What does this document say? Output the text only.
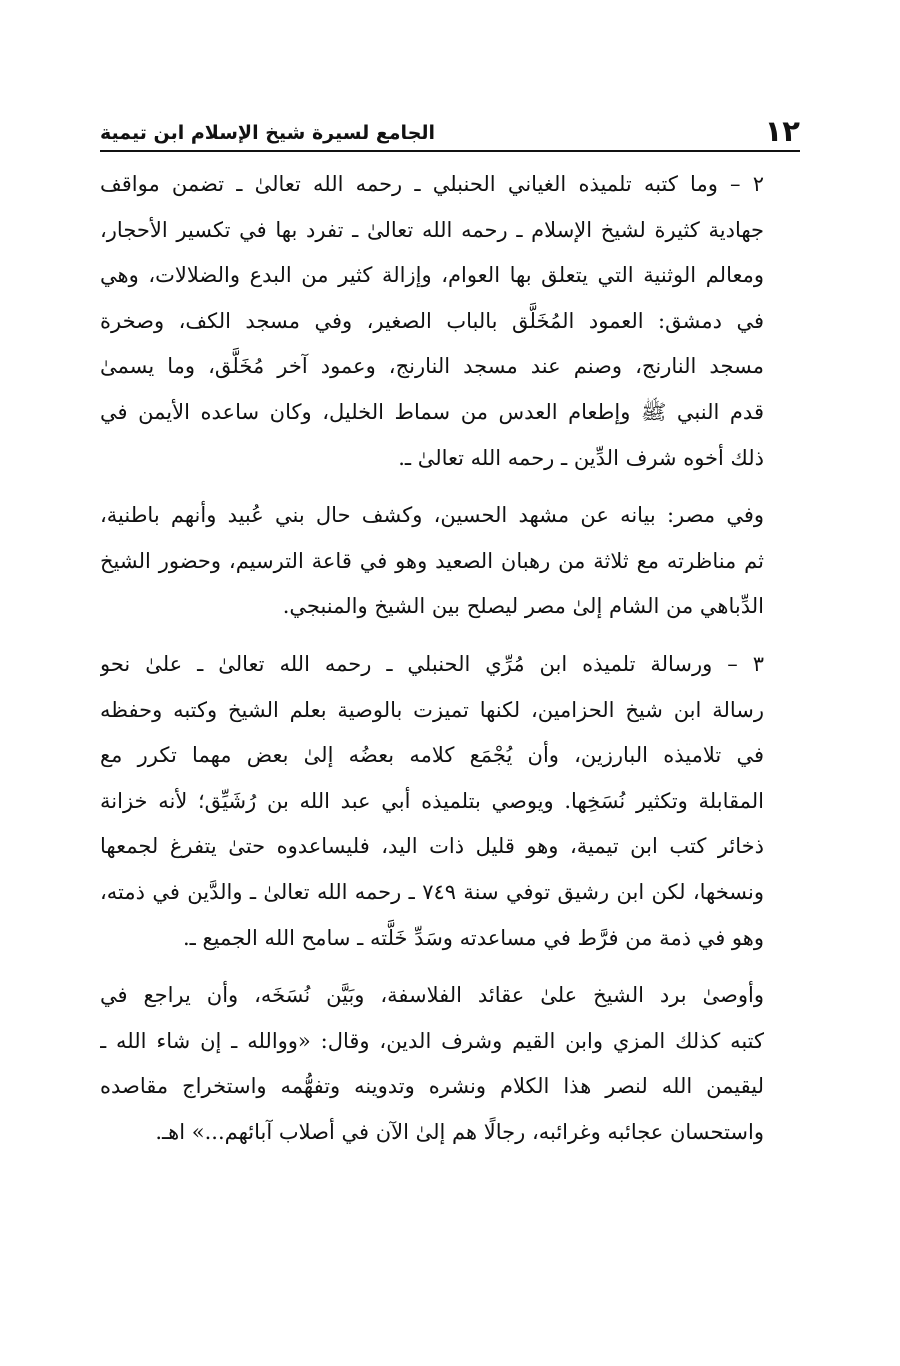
١٢
الجامع لسيرة شيخ الإسلام ابن تيمية
٢ – وما كتبه تلميذه الغياني الحنبلي ـ رحمه الله تعالىٰ ـ تضمن مواقف
جهادية كثيرة لشيخ الإسلام ـ رحمه الله تعالىٰ ـ تفرد بها في تكسير الأحجار،
ومعالم الوثنية التي يتعلق بها العوام، وإزالة كثير من البدع والضلالات، وهي
في دمشق: العمود المُخَلَّق بالباب الصغير، وفي مسجد الكف، وصخرة
مسجد النارنج، وصنم عند مسجد النارنج، وعمود آخر مُخَلَّق، وما يسمىٰ
قدم النبي ﷺ وإطعام العدس من سماط الخليل، وكان ساعده الأيمن في
ذلك أخوه شرف الدِّين ـ رحمه الله تعالىٰ ـ.
وفي مصر: بيانه عن مشهد الحسين، وكشف حال بني عُبيد وأنهم باطنية،
ثم مناظرته مع ثلاثة من رهبان الصعيد وهو في قاعة الترسيم، وحضور الشيخ
الدِّباهي من الشام إلىٰ مصر ليصلح بين الشيخ والمنبجي.
٣ – ورسالة تلميذه ابن مُرِّي الحنبلي ـ رحمه الله تعالىٰ ـ علىٰ نحو
رسالة ابن شيخ الحزامين، لكنها تميزت بالوصية بعلم الشيخ وكتبه وحفظه
في تلاميذه البارزين، وأن يُجْمَع كلامه بعضُه إلىٰ بعض مهما تكرر مع
المقابلة وتكثير نُسَخِها. ويوصي بتلميذه أبي عبد الله بن رُشَيِّق؛ لأنه خزانة
ذخائر كتب ابن تيمية، وهو قليل ذات اليد، فليساعدوه حتىٰ يتفرغ لجمعها
ونسخها، لكن ابن رشيق توفي سنة ٧٤٩ ـ رحمه الله تعالىٰ ـ والدَّين في ذمته،
وهو في ذمة من فرَّط في مساعدته وسَدِّ خَلَّته ـ سامح الله الجميع ـ.
وأوصىٰ برد الشيخ علىٰ عقائد الفلاسفة، وبَيَّن نُسَخَه، وأن يراجع في
كتبه كذلك المزي وابن القيم وشرف الدين، وقال: «ووالله ـ إن شاء الله ـ
ليقيمن الله لنصر هذا الكلام ونشره وتدوينه وتفهُّمه واستخراج مقاصده
واستحسان عجائبه وغرائبه، رجالًا هم إلىٰ الآن في أصلاب آبائهم...» اهـ.
